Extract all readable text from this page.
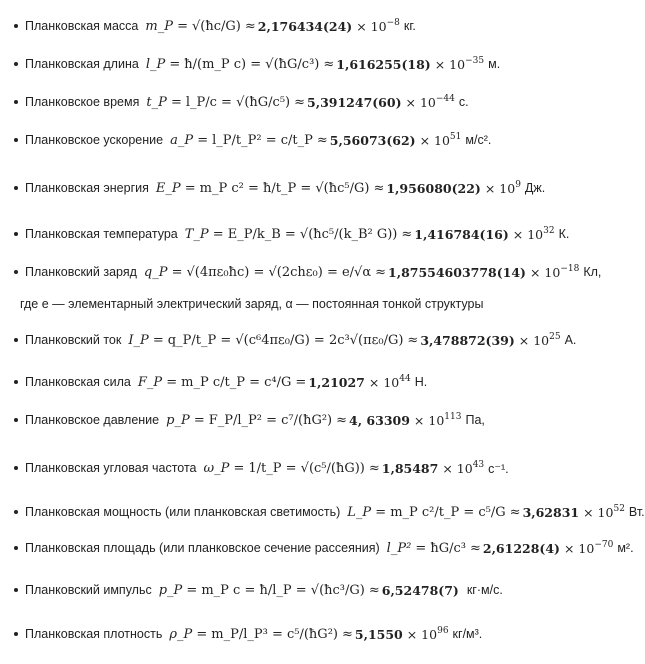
Планковская масса m_P = √(ħc/G) ≈ $2,176434(24) \times 10^{-8}$ кг.
Планковская длина l_P = ħ/(m_P c) = √(ħG/c³) ≈ $1,616255(18) \times 10^{-35}$ м.
Планковское время t_P = l_P/c = √(ħG/c⁵) ≈ $5,391247(60) \times 10^{-44}$ с.
Планковское ускорение a_P = l_P/t_P² = c/t_P ≈ $5,56073(62) \times 10^{51}$ м/с².
Планковская энергия E_P = m_P c² = ħ/t_P = √(ħc⁵/G) ≈ $1,956080(22) \times 10^9$ Дж.
Планковская температура T_P = E_P/k_B = √(ħc⁵/(k_B² $G)) \approx 1,416784(16) \times 10^{32}$ К.
Планковский заряд q_P = √(4πε₀ħc) = $√(2ch\varepsilon_0) = e/√\alpha \approx 1,87554603778(14) \times 10^{-18}$ Кл,
где e — элементарный электрический заряд, α — постоянная тонкой структуры
Планковский ток I_P = q_P/t_P = $√(c^64\pi\varepsilon_0/G) = 2c^3√(\pi\varepsilon_0/G) \approx 3,478872(39) \times 10^{25}$ А.
Планковская сила F_P = m_P c/t_P = $c^4/G = 1,21027 \times 10^{44}$ Н.
Планковское давление p_P = F_P/l_P² = c⁷/(ħG²) ≈ 4, $63309 \times 10^{113}$ Па,
Планковская угловая частота ω_P = 1/t_P = √(c⁵/(ħG)) ≈ $1,85487 \times 10^{43}$ с⁻¹.
Планковская мощность (или планковская светимость) L_P = m_P c²/t_P = $c^5/G \approx 3,62831 \times 10^{52}$ Вт.
Планковская площадь (или планковское сечение рассеяния) l_P² = ħG/c³ ≈ $2,61228(4) \times 10^{-70}$ м².
Планковский импульс p_P = m_P c = ħ/l_P = √(ħc³/G) ≈ 6,52478(7) кг·м/с.
Планковская плотность ρ_P = m_P/l_P³ = c⁵/(ħG²) ≈ $5,1550 \times 10^{96}$ кг/м³.
